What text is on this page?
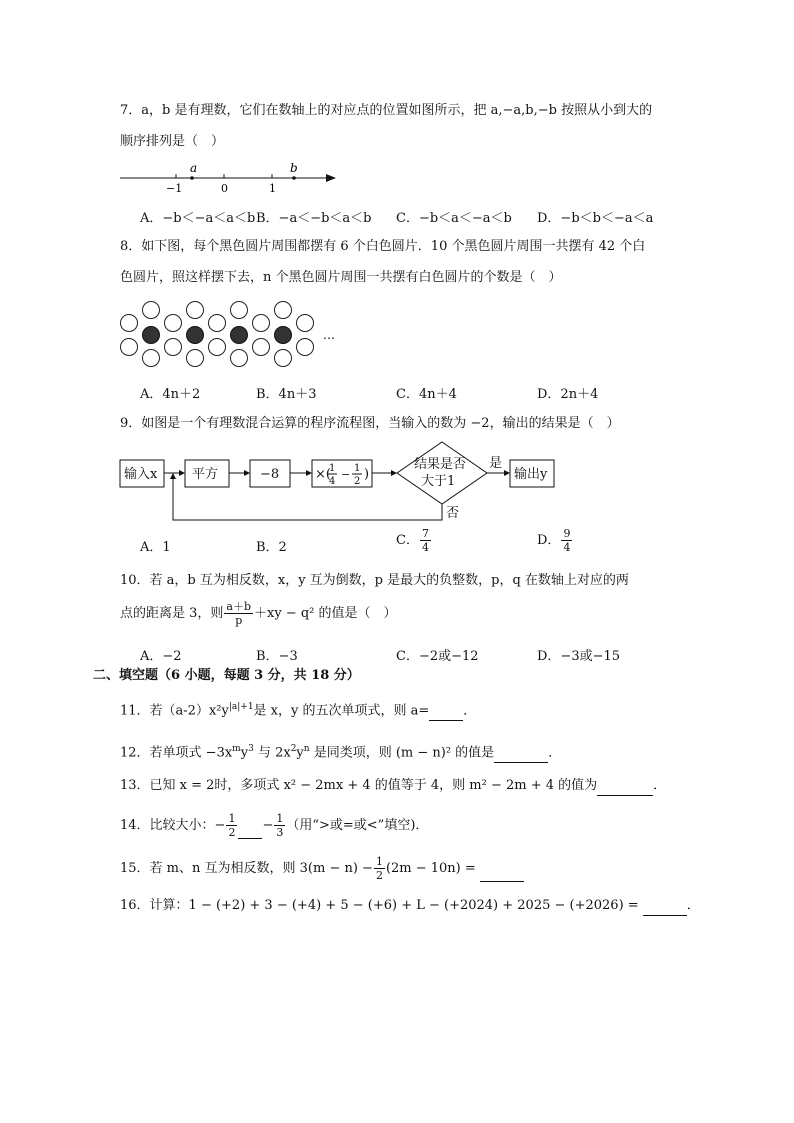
7．a，b 是有理数，它们在数轴上的对应点的位置如图所示，把 a,−a,b,−b 按照从小到大的
顺序排列是（　）
a	b
−1	0	1
A．−b＜−a＜a＜b B．−a＜−b＜a＜b C．−b＜a＜−a＜b D．−b＜b＜−a＜a
8．如下图，每个黑色圆片周围都摆有 6 个白色圆片．10 个黑色圆片周围一共摆有 42 个白
色圆片，照这样摆下去，n 个黑色圆片周围一共摆有白色圆片的个数是（　）
…
A．4n＋2	B．4n＋3	C．4n＋4	D．2n＋4
9．如图是一个有理数混合运算的程序流程图，当输入的数为 −2，输出的结果是（　）
输入x	平方	−8	×(
1
4
− 1
2 )
结果是否
大于1
是
否
输出y
A．1	B．2	C． $\frac{7}{4}$	D． $\frac{9}{4}$
10．若 a，b 互为相反数，x，y 互为倒数，p 是最大的负整数，p，q 在数轴上对应的两
点的距离是 3，则 $\frac{a+b}{p} +xy - q^2$ 的值是（　）
A．−2	B．−3	C．−2或−12	D．−3或−15
二、填空题（6 小题，每题 3 分，共 18 分）
11．若$(a-2)x^2y^{|a|+1}$是 x，y 的五次单项式，则 a=	．
12．若单项式 $-3x^my^3$ 与 $2x^2y^n$ 是同类项，则 (m − n)² 的值是	．
13．已知 x = 2时，多项式 x² − 2mx + 4 的值等于 4，则 m² − 2m + 4 的值为	．
14．比较大小：− $\frac{1}{2} - \frac{1}{3}$ （用“>或=或<”填空)．
15．若 m、n 互为相反数，则 $3(m - n) - \frac{1}{2} (2m - 10n)$ =
16．计算：1 − (+2) + 3 − (+4) + 5 − (+6) + L − (+2024) + 2025 − (+2026) =	．
